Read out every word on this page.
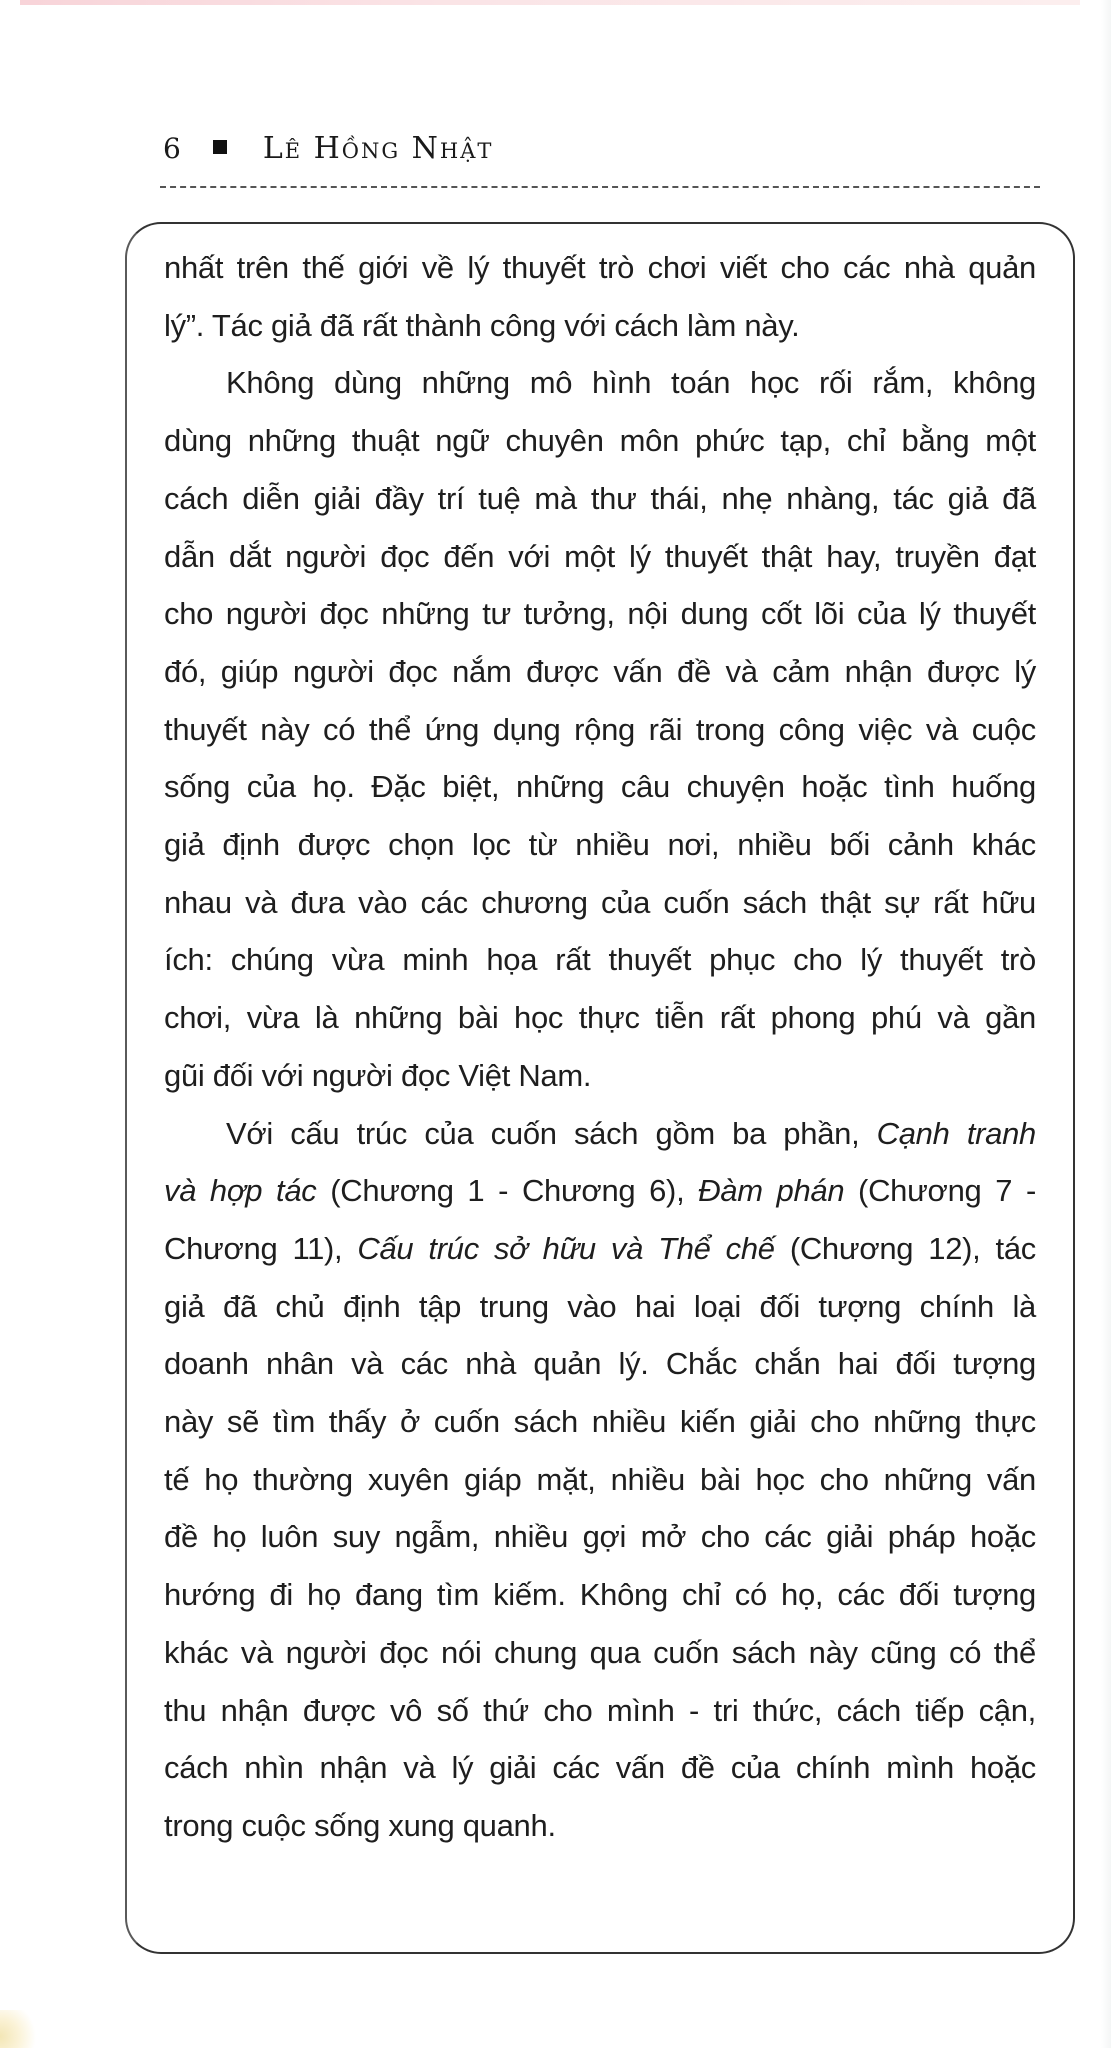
6	Lê Hồng Nhật

nhất trên thế giới về lý thuyết trò chơi viết cho các nhà quản
lý”. Tác giả đã rất thành công với cách làm này.

Không dùng những mô hình toán học rối rắm, không
dùng những thuật ngữ chuyên môn phức tạp, chỉ bằng một
cách diễn giải đầy trí tuệ mà thư thái, nhẹ nhàng, tác giả đã
dẫn dắt người đọc đến với một lý thuyết thật hay, truyền đạt
cho người đọc những tư tưởng, nội dung cốt lõi của lý thuyết
đó, giúp người đọc nắm được vấn đề và cảm nhận được lý
thuyết này có thể ứng dụng rộng rãi trong công việc và cuộc
sống của họ. Đặc biệt, những câu chuyện hoặc tình huống
giả định được chọn lọc từ nhiều nơi, nhiều bối cảnh khác
nhau và đưa vào các chương của cuốn sách thật sự rất hữu
ích: chúng vừa minh họa rất thuyết phục cho lý thuyết trò
chơi, vừa là những bài học thực tiễn rất phong phú và gần
gũi đối với người đọc Việt Nam.

Với cấu trúc của cuốn sách gồm ba phần, Cạnh tranh
và hợp tác (Chương 1 - Chương 6), Đàm phán (Chương 7 -
Chương 11), Cấu trúc sở hữu và Thể chế (Chương 12), tác
giả đã chủ định tập trung vào hai loại đối tượng chính là
doanh nhân và các nhà quản lý. Chắc chắn hai đối tượng
này sẽ tìm thấy ở cuốn sách nhiều kiến giải cho những thực
tế họ thường xuyên giáp mặt, nhiều bài học cho những vấn
đề họ luôn suy ngẫm, nhiều gợi mở cho các giải pháp hoặc
hướng đi họ đang tìm kiếm. Không chỉ có họ, các đối tượng
khác và người đọc nói chung qua cuốn sách này cũng có thể
thu nhận được vô số thứ cho mình - tri thức, cách tiếp cận,
cách nhìn nhận và lý giải các vấn đề của chính mình hoặc
trong cuộc sống xung quanh.
